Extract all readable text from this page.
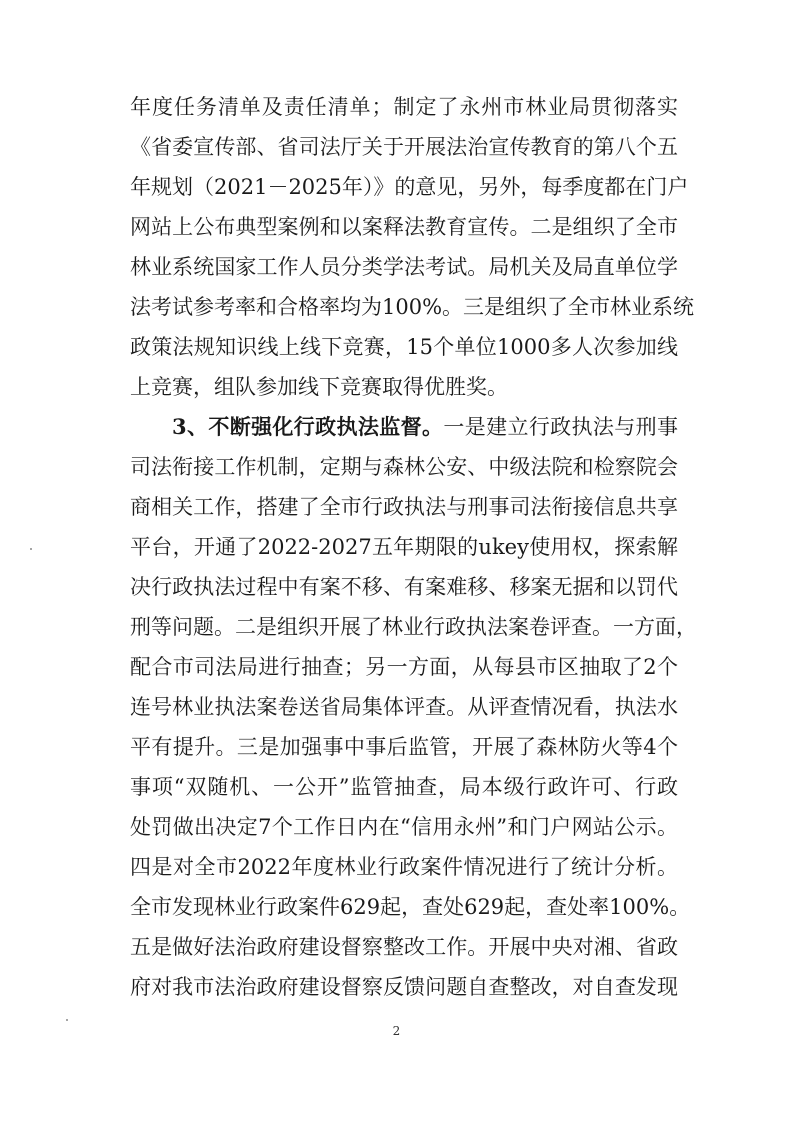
年度任务清单及责任清单；制定了永州市林业局贯彻落实
《省委宣传部、省司法厅关于开展法治宣传教育的第八个五
年规划（2021－2025年）》的意见，另外，每季度都在门户
网站上公布典型案例和以案释法教育宣传。二是组织了全市
林业系统国家工作人员分类学法考试。局机关及局直单位学
法考试参考率和合格率均为100%。三是组织了全市林业系统
政策法规知识线上线下竞赛，15个单位1000多人次参加线
上竞赛，组队参加线下竞赛取得优胜奖。
3、不断强化行政执法监督。一是建立行政执法与刑事
司法衔接工作机制，定期与森林公安、中级法院和检察院会
商相关工作，搭建了全市行政执法与刑事司法衔接信息共享
平台，开通了2022-2027五年期限的ukey使用权，探索解
决行政执法过程中有案不移、有案难移、移案无据和以罚代
刑等问题。二是组织开展了林业行政执法案卷评查。一方面，
配合市司法局进行抽查；另一方面，从每县市区抽取了2个
连号林业执法案卷送省局集体评查。从评查情况看，执法水
平有提升。三是加强事中事后监管，开展了森林防火等4个
事项“双随机、一公开”监管抽查，局本级行政许可、行政
处罚做出决定7个工作日内在“信用永州”和门户网站公示。
四是对全市2022年度林业行政案件情况进行了统计分析。
全市发现林业行政案件629起，查处629起，查处率100%。
五是做好法治政府建设督察整改工作。开展中央对湘、省政
府对我市法治政府建设督察反馈问题自查整改，对自查发现
2
